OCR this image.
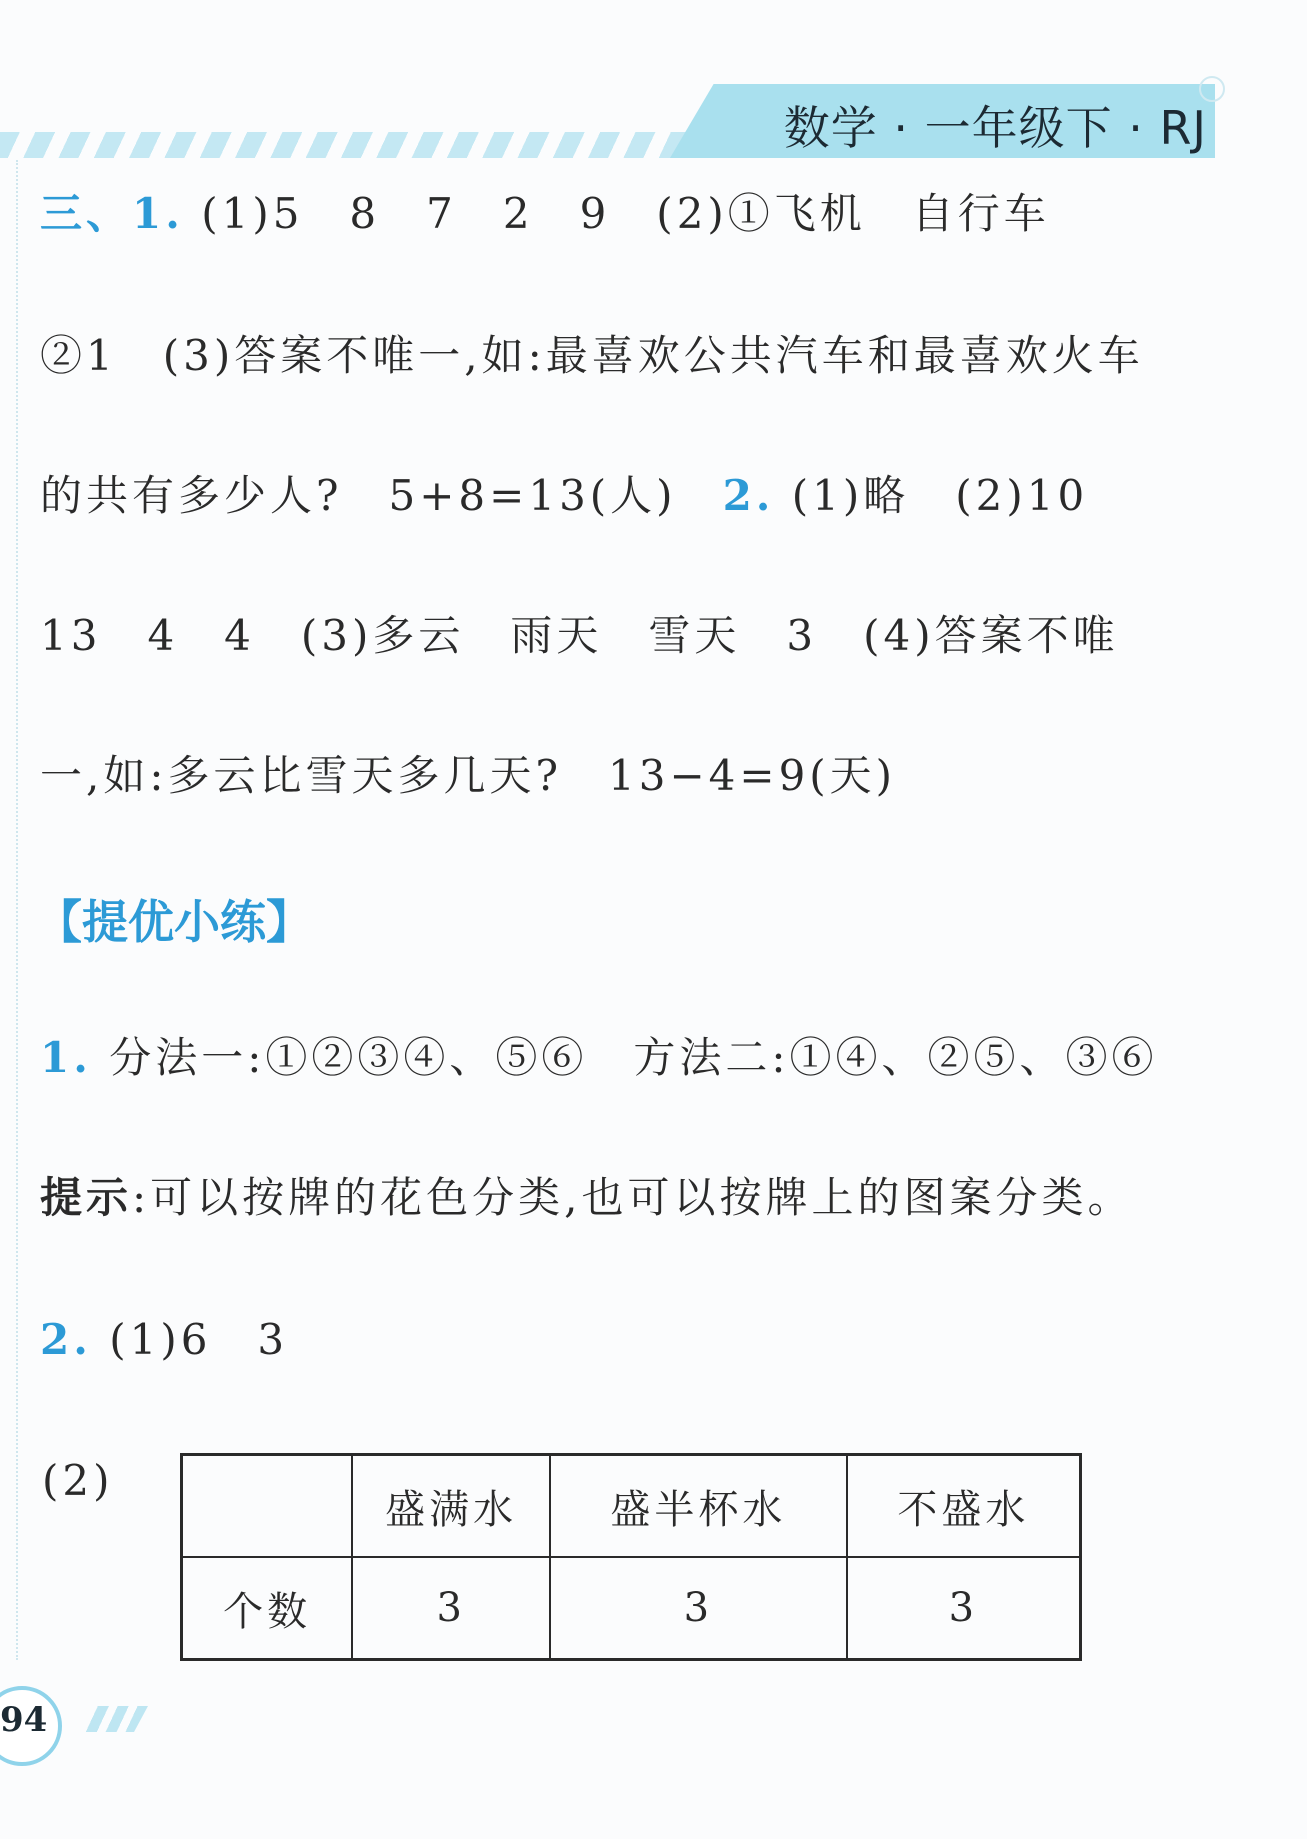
数学 · 一年级下 · RJ
三、1. (1)5　8　7　2　9　(2)①飞机　自行车
②1　(3)答案不唯一,如:最喜欢公共汽车和最喜欢火车
的共有多少人?　5+8=13(人)　2. (1)略　(2)10
13　4　4　(3)多云　雨天　雪天　3　(4)答案不唯
一,如:多云比雪天多几天?　13−4=9(天)
【提优小练】
1. 分法一:①②③④、⑤⑥　方法二:①④、②⑤、③⑥
提示:可以按牌的花色分类,也可以按牌上的图案分类。
2. (1)6　3
(2)
	盛满水	盛半杯水	不盛水
个数	3	3	3
94
